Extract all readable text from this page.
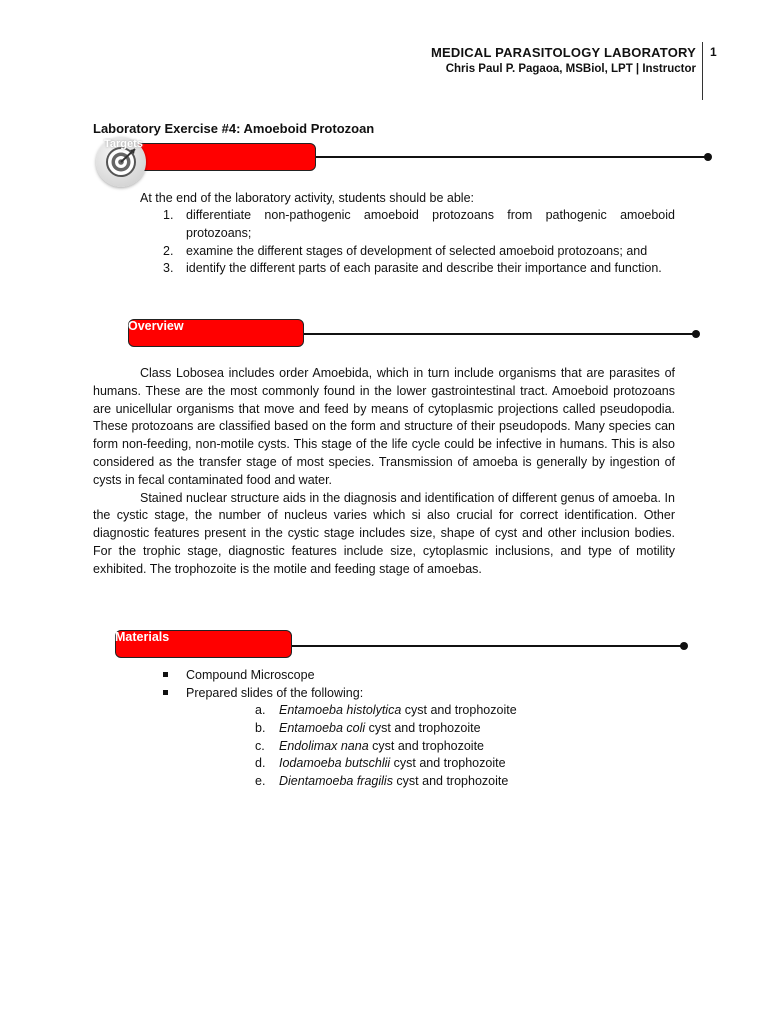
MEDICAL PARASITOLOGY LABORATORY
Chris Paul P. Pagaoa, MSBiol, LPT | Instructor
1
Laboratory Exercise #4: Amoeboid Protozoan
Targets
At the end of the laboratory activity, students should be able:
1. differentiate non-pathogenic amoeboid protozoans from pathogenic amoeboid protozoans;
2. examine the different stages of development of selected amoeboid protozoans; and
3. identify the different parts of each parasite and describe their importance and function.
Overview

Class Lobosea includes order Amoebida, which in turn include organisms that are parasites of humans. These are the most commonly found in the lower gastrointestinal tract. Amoeboid protozoans are unicellular organisms that move and feed by means of cytoplasmic projections called pseudopodia. These protozoans are classified based on the form and structure of their pseudopods. Many species can form non-feeding, non-motile cysts. This stage of the life cycle could be infective in humans. This is also considered as the transfer stage of most species. Transmission of amoeba is generally by ingestion of cysts in fecal contaminated food and water.

Stained nuclear structure aids in the diagnosis and identification of different genus of amoeba. In the cystic stage, the number of nucleus varies which si also crucial for correct identification. Other diagnostic features present in the cystic stage includes size, shape of cyst and other inclusion bodies. For the trophic stage, diagnostic features include size, cytoplasmic inclusions, and type of motility exhibited. The trophozoite is the motile and feeding stage of amoebas.

Materials
Compound Microscope
Prepared slides of the following:
a. Entamoeba histolytica cyst and trophozoite
b. Entamoeba coli cyst and trophozoite
c. Endolimax nana cyst and trophozoite
d. Iodamoeba butschlii cyst and trophozoite
e. Dientamoeba fragilis cyst and trophozoite
